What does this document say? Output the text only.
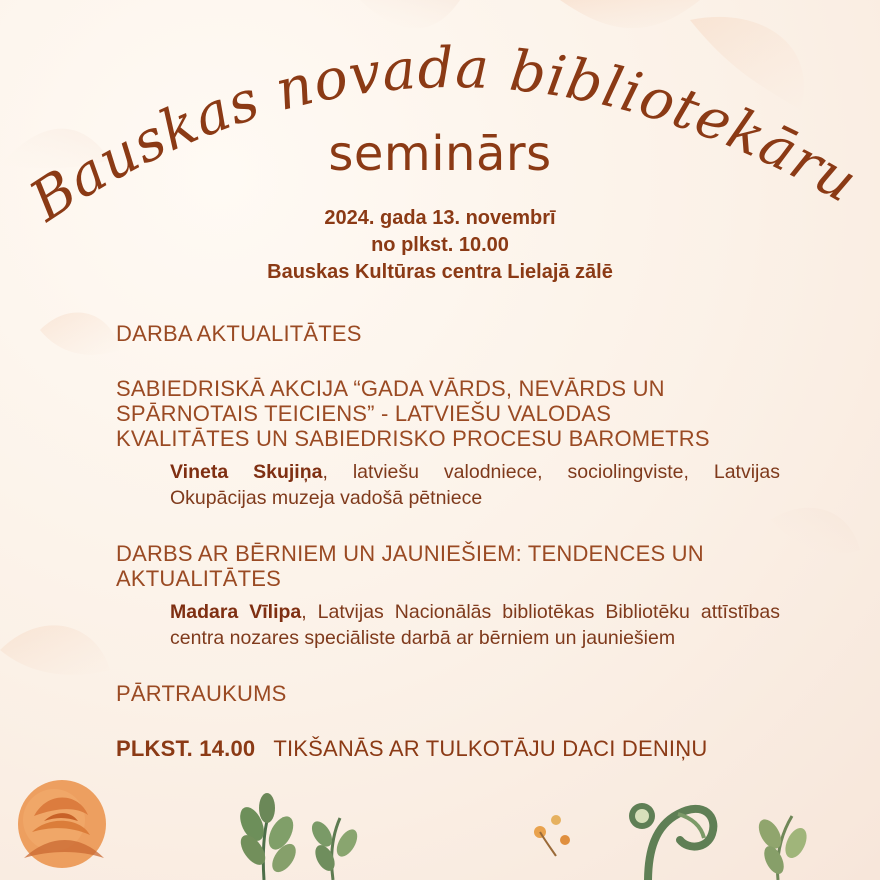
Bauskas novada bibliotekāru
seminārs
2024. gada 13. novembrī
no plkst. 10.00
Bauskas Kultūras centra Lielajā zālē
DARBA AKTUALITĀTES
SABIEDRISKĀ AKCIJA “GADA VĀRDS, NEVĀRDS UN
SPĀRNOTAIS TEICIENS” - LATVIEŠU VALODAS
KVALITĀTES UN SABIEDRISKO PROCESU BAROMETRS
Vineta Skujiņa, latviešu valodniece, sociolingviste, Latvijas Okupācijas muzeja vadošā pētniece
DARBS AR BĒRNIEM UN JAUNIEŠIEM: TENDENCES UN
AKTUALITĀTES
Madara Vīlipa, Latvijas Nacionālās bibliotēkas Bibliotēku attīstības centra nozares speciāliste darbā ar bērniem un jauniešiem
PĀRTRAUKUMS
PLKST. 14.00 TIKŠANĀS AR TULKOTĀJU DACI DENIŅU
